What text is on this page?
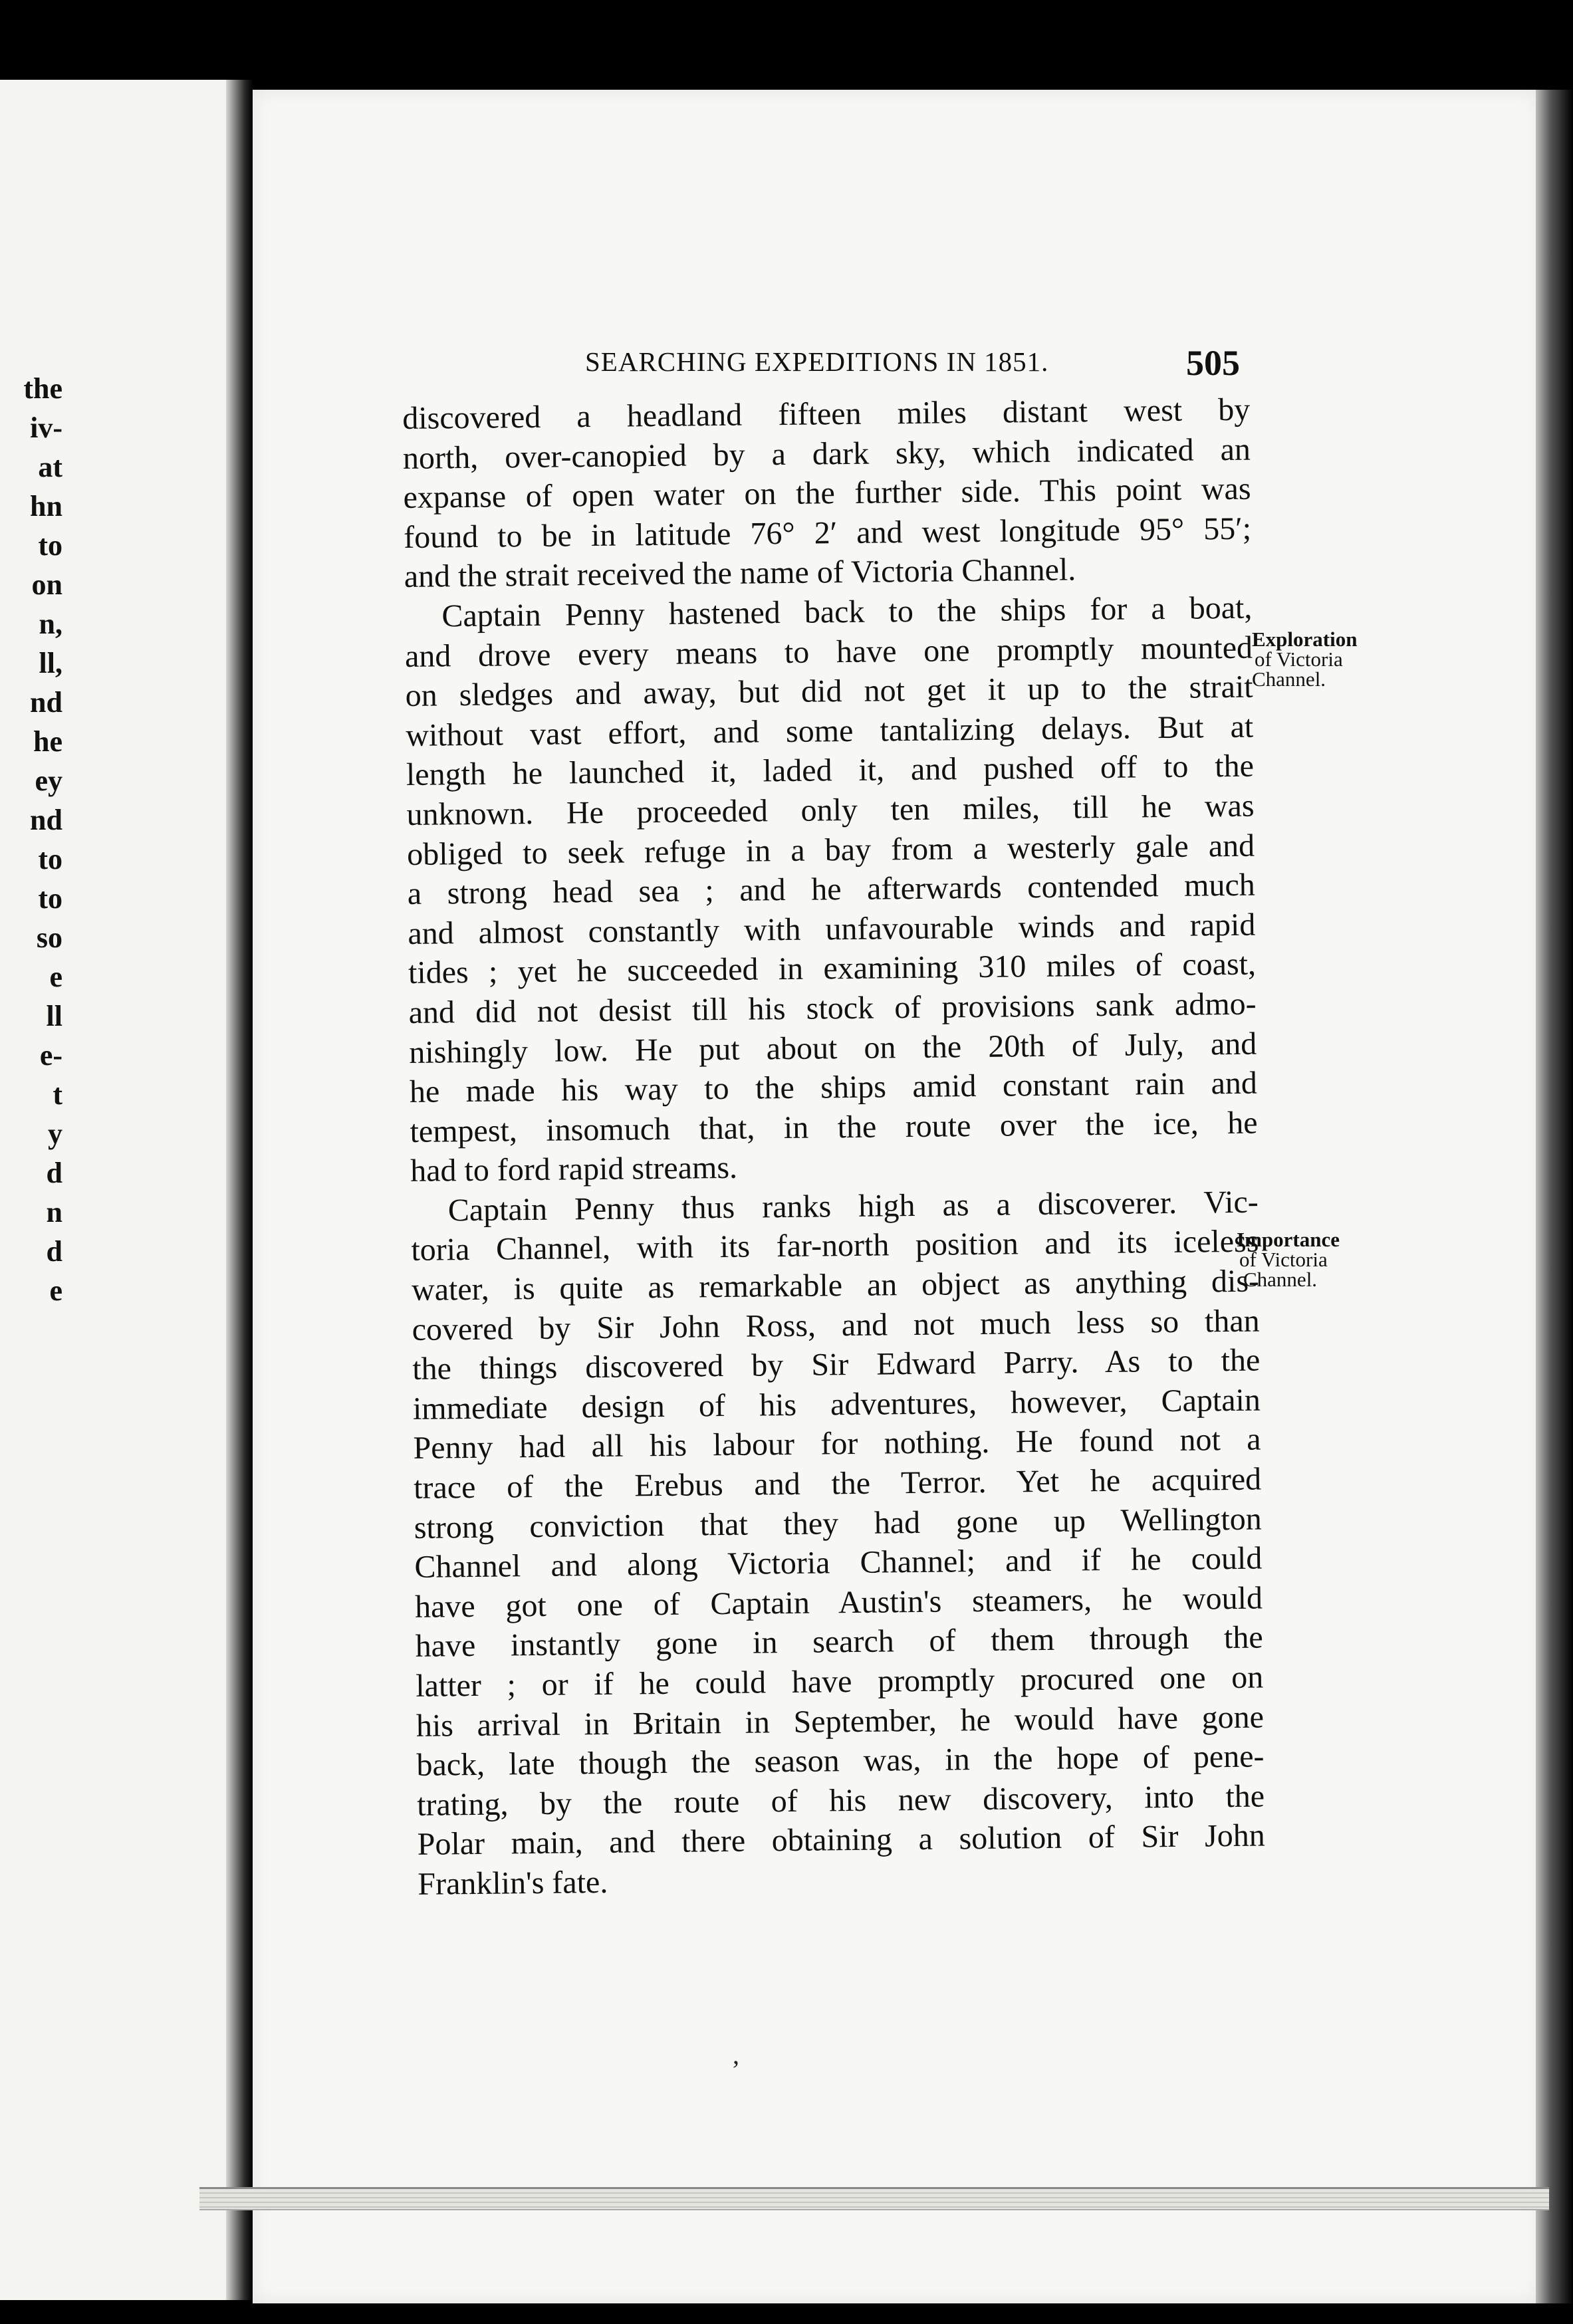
the
iv-
at
hn
to
on
n,
ll,
nd
he
ey
nd
to
to
so
e
ll
e-
t
y
d
n
d
e
SEARCHING EXPEDITIONS IN 1851.	505
discovered a headland fifteen miles distant west by
north, over-canopied by a dark sky, which indicated an
expanse of open water on the further side. This point was
found to be in latitude 76° 2′ and west longitude 95° 55′;
and the strait received the name of Victoria Channel.
Captain Penny hastened back to the ships for a boat,
and drove every means to have one promptly mounted
on sledges and away, but did not get it up to the strait
without vast effort, and some tantalizing delays. But at
length he launched it, laded it, and pushed off to the
unknown. He proceeded only ten miles, till he was
obliged to seek refuge in a bay from a westerly gale and
a strong head sea ; and he afterwards contended much
and almost constantly with unfavourable winds and rapid
tides ; yet he succeeded in examining 310 miles of coast,
and did not desist till his stock of provisions sank admo-
nishingly low. He put about on the 20th of July, and
he made his way to the ships amid constant rain and
tempest, insomuch that, in the route over the ice, he
had to ford rapid streams.
Captain Penny thus ranks high as a discoverer. Vic-
toria Channel, with its far-north position and its iceless
water, is quite as remarkable an object as anything dis-
covered by Sir John Ross, and not much less so than
the things discovered by Sir Edward Parry. As to the
immediate design of his adventures, however, Captain
Penny had all his labour for nothing. He found not a
trace of the Erebus and the Terror. Yet he acquired
strong conviction that they had gone up Wellington
Channel and along Victoria Channel; and if he could
have got one of Captain Austin's steamers, he would
have instantly gone in search of them through the
latter ; or if he could have promptly procured one on
his arrival in Britain in September, he would have gone
back, late though the season was, in the hope of pene-
trating, by the route of his new discovery, into the
Polar main, and there obtaining a solution of Sir John
Franklin's fate.
Exploration
of Victoria
Channel.
Importance
of Victoria
Channel.
’
